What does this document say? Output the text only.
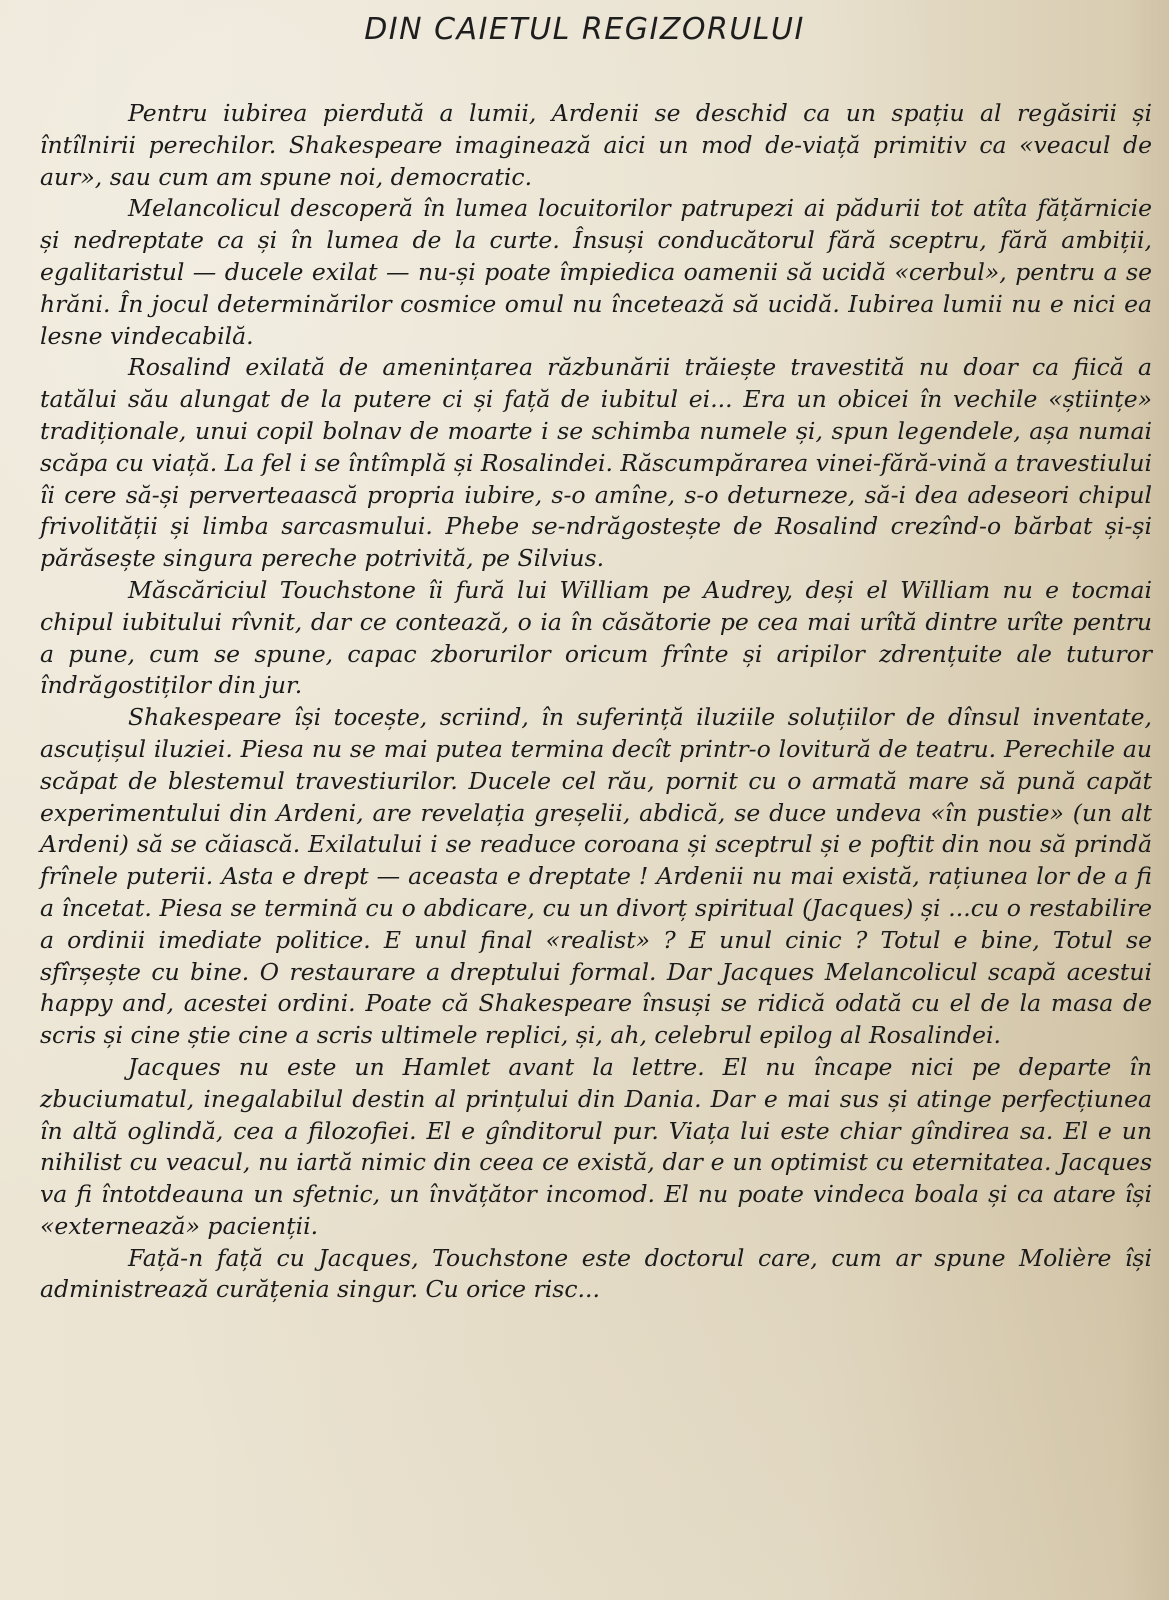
DIN CAIETUL REGIZORULUI

Pentru iubirea pierdută a lumii, Ardenii se deschid ca un spațiu al regăsirii și întîlnirii perechilor. Shakespeare imaginează aici un mod de-viață primitiv ca «veacul de aur», sau cum am spune noi, democratic.

Melancolicul descoperă în lumea locuitorilor patrupezi ai pădurii tot atîta fățărnicie și nedreptate ca și în lumea de la curte. Însuși conducătorul fără sceptru, fără ambiții, egalitaristul — ducele exilat — nu-și poate împiedica oamenii să ucidă «cerbul», pentru a se hrăni. În jocul determinărilor cosmice omul nu încetează să ucidă. Iubirea lumii nu e nici ea lesne vindecabilă.

Rosalind exilată de amenințarea răzbunării trăiește travestită nu doar ca fiică a tatălui său alungat de la putere ci și față de iubitul ei... Era un obicei în vechile «științe» tradiționale, unui copil bolnav de moarte i se schimba numele și, spun legendele, așa numai scăpa cu viață. La fel i se întîmplă și Rosalindei. Răscumpărarea vinei-fără-vină a travestiului îi cere să-și perverteaască propria iubire, s-o amîne, s-o deturneze, să-i dea adeseori chipul frivolității și limba sarcasmului. Phebe se-ndrăgostește de Rosalind crezînd-o bărbat și-și părăsește singura pereche potrivită, pe Silvius.

Măscăriciul Touchstone îi fură lui William pe Audrey, deși el William nu e tocmai chipul iubitului rîvnit, dar ce contează, o ia în căsătorie pe cea mai urîtă dintre urîte pentru a pune, cum se spune, capac zborurilor oricum frînte și aripilor zdrențuite ale tuturor îndrăgostiților din jur.

Shakespeare își tocește, scriind, în suferință iluziile soluțiilor de dînsul inventate, ascuțișul iluziei. Piesa nu se mai putea termina decît printr-o lovitură de teatru. Perechile au scăpat de blestemul travestiurilor. Ducele cel rău, pornit cu o armată mare să pună capăt experimentului din Ardeni, are revelația greșelii, abdică, se duce undeva «în pustie» (un alt Ardeni) să se căiască. Exilatului i se readuce coroana și sceptrul și e poftit din nou să prindă frînele puterii. Asta e drept — aceasta e dreptate ! Ardenii nu mai există, rațiunea lor de a fi a încetat. Piesa se termină cu o abdicare, cu un divorț spiritual (Jacques) și ...cu o restabilire a ordinii imediate politice. E unul final «realist» ? E unul cinic ? Totul e bine, Totul se sfîrșește cu bine. O restaurare a dreptului formal. Dar Jacques Melancolicul scapă acestui happy and, acestei ordini. Poate că Shakespeare însuși se ridică odată cu el de la masa de scris și cine știe cine a scris ultimele replici, și, ah, celebrul epilog al Rosalindei.

Jacques nu este un Hamlet avant la lettre. El nu încape nici pe departe în zbuciumatul, inegalabilul destin al prințului din Dania. Dar e mai sus și atinge perfecțiunea în altă oglindă, cea a filozofiei. El e gînditorul pur. Viața lui este chiar gîndirea sa. El e un nihilist cu veacul, nu iartă nimic din ceea ce există, dar e un optimist cu eternitatea. Jacques va fi întotdeauna un sfetnic, un învățător incomod. El nu poate vindeca boala și ca atare își «externează» pacienții.

Față-n față cu Jacques, Touchstone este doctorul care, cum ar spune Molière își administrează curățenia singur. Cu orice risc...
